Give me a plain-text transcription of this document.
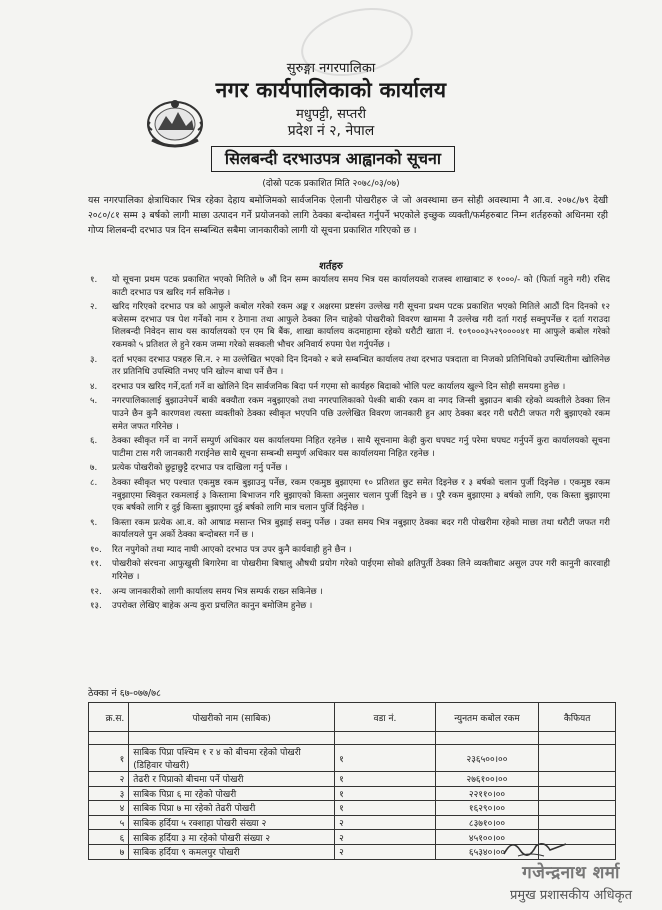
सुरुङ्गा नगरपालिका
नगर कार्यपालिकाको कार्यालय
मधुपट्टी, सप्तरी
प्रदेश नं २, नेपाल
सिलबन्दी दरभाउपत्र आह्वानको सूचना
(दोस्रो पटक प्रकाशित मिति २०७८/०३/०७)
यस नगरपालिका क्षेत्राधिकार भित्र रहेका देहाय बमोजिमको सार्वजनिक ऐलानी पोखरीहरु जे जो अवस्थामा छन सोही अवस्थामा नै आ.व. २०७८/७९ देखी २०८०/८१ सम्म ३ बर्षको लागी माछा उत्पादन गर्ने प्रयोजनको लागि ठेक्का बन्दोबस्त गर्नुपर्ने भएकोले इच्छुक व्यक्ती/फर्महरुबाट निम्न शर्तहरुको अधिनमा रही गोप्य शिलबन्दी दरभाउ पत्र दिन सम्बन्धित सबैमा जानकारीको लागी यो सूचना प्रकाशित गरिएको छ ।
शर्तहरु
१.	यो सूचना प्रथम पटक प्रकाशित भएको मितिले ७ औं दिन सम्म कार्यालय समय भित्र यस कार्यालयको राजस्व शाखाबाट रु १०००/- को (फिर्ता नहुने गरी) रसिद काटी दरभाउ पत्र खरिद गर्न सकिनेछ ।
२.	खरिद गरिएको दरभाउ पत्र को आफुले कबोल गरेको रकम अङ्क र अक्षरमा प्रष्टसंग उल्लेख गरी सूचना प्रथम पटक प्रकाशित भएको मितिले आठौं दिन दिनको १२ बजेसम्म दरभाउ पत्र पेश गर्नेको नाम र ठेगाना तथा आफुले ठेक्का लिन चाहेको पोखरीको विवरण खाममा नै उल्लेख गरी दर्ता गराई सक्नुपर्नेछ र दर्ता गराउदा शिलबन्दी निवेदन साथ यस कार्यालयको एन एम बि बैंक, शाखा कार्यालय कदमाहामा रहेको धरौटी खाता नं. १०९०००३५२९००००४१ मा आफुले कबोल गरेको रकमको ५ प्रतिशत ले हुने रकम जम्मा गरेको सक्कली भौचर अनिवार्य रुपमा पेश गर्नुपर्नेछ ।
३.	दर्ता भएका दरभाउ पत्रहरु सि.न. २ मा उल्लेखित भएको दिन दिनको २ बजे सम्बन्धित कार्यालय तथा दरभाउ पत्रदाता वा निजको प्रतिनिधिको उपस्थितीमा खोलिनेछ तर प्रतिनिधि उपस्थिति नभए पनि खोल्न बाधा पर्ने छैन ।
४.	दरभाउ पत्र खरिद गर्ने,दर्ता गर्ने वा खोलिने दिन सार्वजनिक बिदा पर्न गएमा सो कार्यहरु बिदाको भोलि पल्ट कार्यालय खुल्ने दिन सोही समयमा हुनेछ ।
५.	नगरपालिकालाई बुझाउनेपर्ने बाकी बक्यौता रकम नबुझाएको तथा नगरपालिकाको पेश्की बाकी रकम वा नगद जिन्सी बुझाउन बाकी रहेको व्यक्तीले ठेक्का लिन पाउने छैन कुनै कारणवश त्यस्ता व्यक्तीको ठेक्का स्वीकृत भएपनि पछि उल्लेखित विवरण जानकारी हुन आए ठेक्का बदर गरी धरौटी जफत गरी बुझाएको रकम समेत जफत गरिनेछ ।
६.	ठेक्का स्वीकृत गर्ने वा नगर्ने सम्पुर्ण अधिकार यस कार्यालयमा निहित रहनेछ । साथै सूचनामा केही कुरा घपघट गर्नु परेमा घपघट गर्नुपर्ने कुरा कार्यालयको सूचना पाटीमा टास गरी जानकारी गराईनेछ साथै सूचना सम्बन्धी सम्पुर्ण अधिकार यस कार्यालयमा निहित रहनेछ ।
७.	प्रत्येक पोखरीको छुट्टाछुट्टै दरभाउ पत्र दाखिला गर्नु पर्नेछ ।
८.	ठेक्का स्वीकृत भए पश्चात एकमुष्ठ रकम बुझाउनु पर्नेछ, रकम एकमुष्ठ बुझाएमा १० प्रतिशत छुट समेत दिइनेछ र ३ बर्षको चलान पुर्जी दिइनेछ । एकमुष्ठ रकम नबुझाएमा स्विकृत रकमलाई ३ किस्तामा बिभाजन गरि बुझाएको किस्ता अनुसार चलान पुर्जी दिइने छ । पुरै रकम बुझाएमा ३ बर्षको लागि, एक किस्ता बुझाएमा एक बर्षको लागि र दुई किस्ता बुझाएमा दुई बर्षको लागि मात्र चलान पुर्जि दिईनेछ ।
९.	किस्ता रकम प्रत्येक आ.व. को आषाढ मसान्त भित्र बुझाई सक्नु पर्नेछ । उक्त समय भित्र नबुझाए ठेक्का बदर गरी पोखरीमा रहेको माछा तथा धरौटी जफत गरी कार्यालयले पुन अर्को ठेक्का बन्दोबस्त गर्ने छ ।
१०.	रित नपुगेको तथा म्याद नाघी आएको दरभाउ पत्र उपर कुनै कार्यवाही हुने छैन ।
११.	पोखरीको संरचना आफुखुसी बिगारेमा वा पोखरीमा बिषालु औषधी प्रयोग गरेको पाईएमा सोको क्षतिपुर्ती ठेक्का लिने व्यक्तीबाट असुल उपर गरी कानुनी कारवाही गरिनेछ ।
१२.	अन्य जानकारीको लागी कार्यालय समय भित्र सम्पर्क राख्न सकिनेछ ।
१३.	उपरोक्त लेखिए बाहेक अन्य कुरा प्रचलित कानुन बमोजिम हुनेछ ।
ठेक्का नं ६७-०७७/७८
क्र.स.	पोखरीको नाम (साबिक)	वडा नं.	न्युनतम कबोल रकम	कैफियत

१	साबिक पिप्रा पश्चिम १ र ४ को बीचमा रहेको पोखरी (डिहिवार पोखरी)	१	२३६५००।००	
२	तेढरी र पिप्राको बीचमा पर्ने पोखरी	१	२७६१००।००	
३	साबिक पिप्रा ६ मा रहेको पोखरी	१	२२११०।००	
४	साबिक पिप्रा ७ मा रहेको तेढरी पोखरी	१	१६२९०।००	
५	साबिक हर्दिया ५ रक्शाहा पोखरी संख्या २	२	८३७१०।००	
६	साबिक हर्दिया ३ मा रहेको पोखरी संख्या २	२	४५१००।००	
७	साबिक हर्दिया ९ कमलपुर पोखरी	२	६५३४०।००	
गजेन्द्रनाथ शर्मा
प्रमुख प्रशासकीय अधिकृत
